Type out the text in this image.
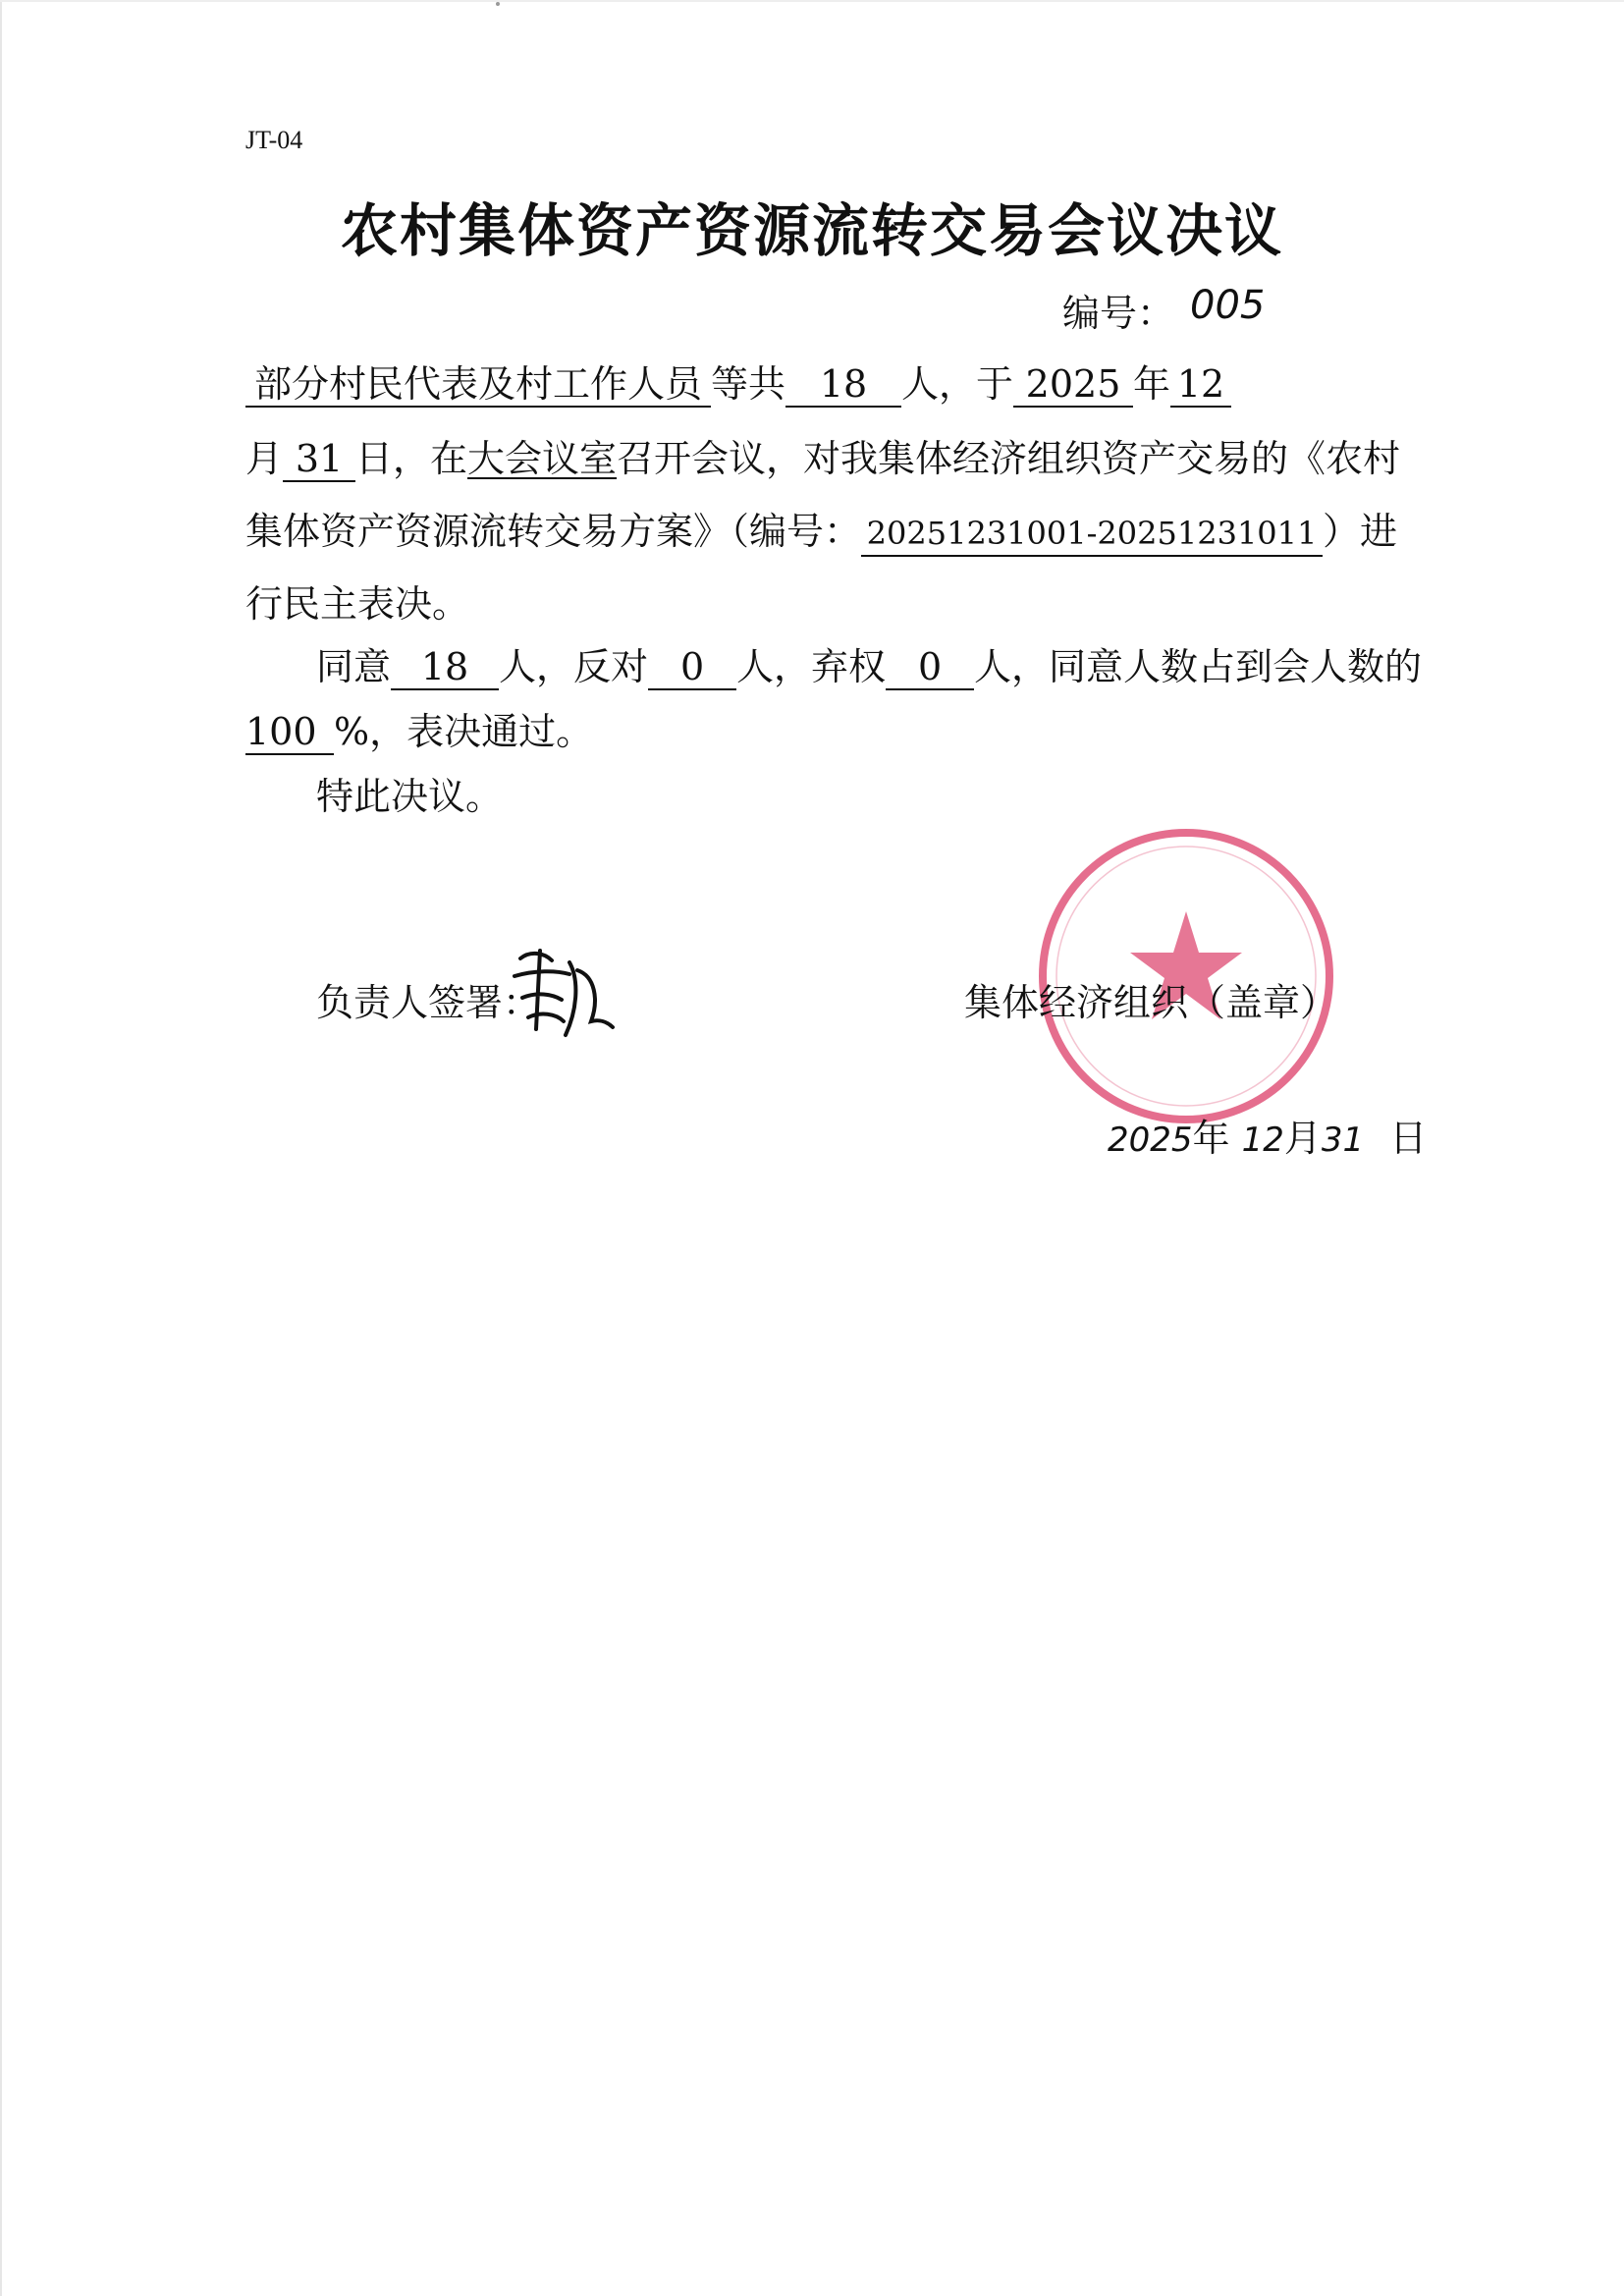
JT-04
农村集体资产资源流转交易会议决议
编号： 005
部分村民代表及村工作人员 等共 18 人，于 2025 年 12
月 31 日，在大会议室召开会议，对我集体经济组织资产交易的《农村
集体资产资源流转交易方案》（编号： 20251231001-20251231011 ）进
行民主表决。
同意 18 人，反对 0 人，弃权 0 人，同意人数占到会人数的
100 %，表决通过。
特此决议。
负责人签署：	集体经济组织（盖章）
2025年 12月31 日
